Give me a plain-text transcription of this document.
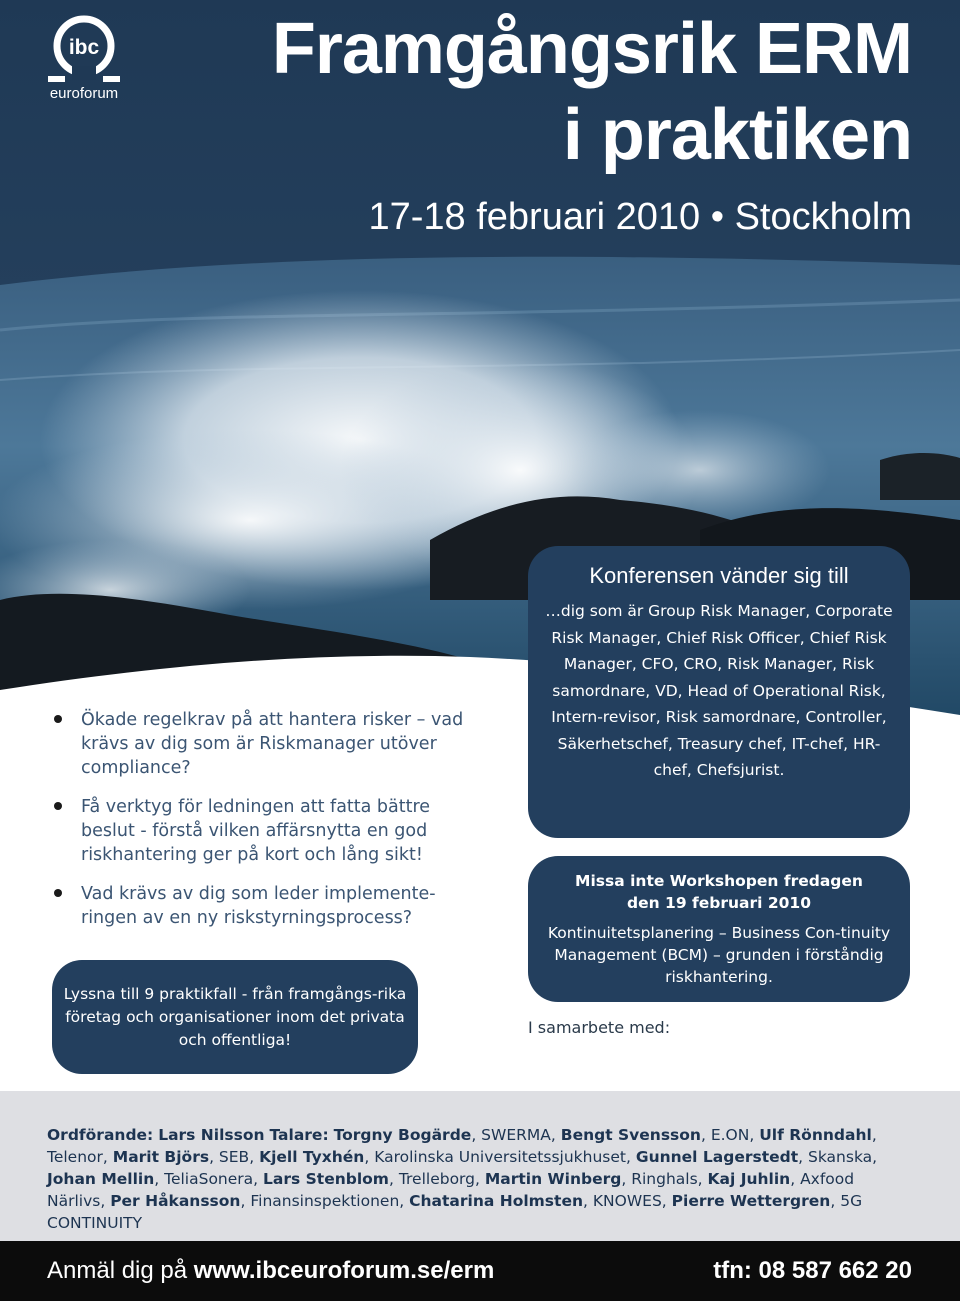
ibc
euroforum
Framgångsrik ERM
i praktiken
17-18 februari 2010 • Stockholm
Ökade regelkrav på att hantera risker – vad krävs av dig som är Riskmanager utöver compliance?
Få verktyg för ledningen att fatta bättre beslut - förstå vilken affärsnytta en god riskhantering ger på kort och lång sikt!
Vad krävs av dig som leder implemente-ringen av en ny riskstyrningsprocess?
Lyssna till 9 praktikfall - från framgångs-rika företag och organisationer inom det privata och offentliga!
Konferensen vänder sig till
…dig som är Group Risk Manager, Corporate Risk Manager, Chief Risk Officer, Chief Risk Manager, CFO, CRO, Risk Manager, Risk samordnare, VD, Head of Operational Risk, Intern-revisor, Risk samordnare, Controller, Säkerhetschef, Treasury chef, IT-chef, HR-chef, Chefsjurist.
Missa inte Workshopen fredagen
den 19 februari 2010
Kontinuitetsplanering – Business Con-tinuity Management (BCM) – grunden i förståndig riskhantering.
I samarbete med:
Ordförande: Lars Nilsson Talare: Torgny Bogärde, SWERMA, Bengt Svensson, E.ON, Ulf Rönndahl, Telenor, Marit Björs, SEB, Kjell Tyxhén, Karolinska Universitetssjukhuset, Gunnel Lagerstedt, Skanska, Johan Mellin, TeliaSonera, Lars Stenblom, Trelleborg, Martin Winberg, Ringhals, Kaj Juhlin, Axfood Närlivs, Per Håkansson, Finansinspektionen, Chatarina Holmsten, KNOWES, Pierre Wettergren, 5G CONTINUITY
Anmäl dig på www.ibceuroforum.se/erm	tfn: 08 587 662 20
